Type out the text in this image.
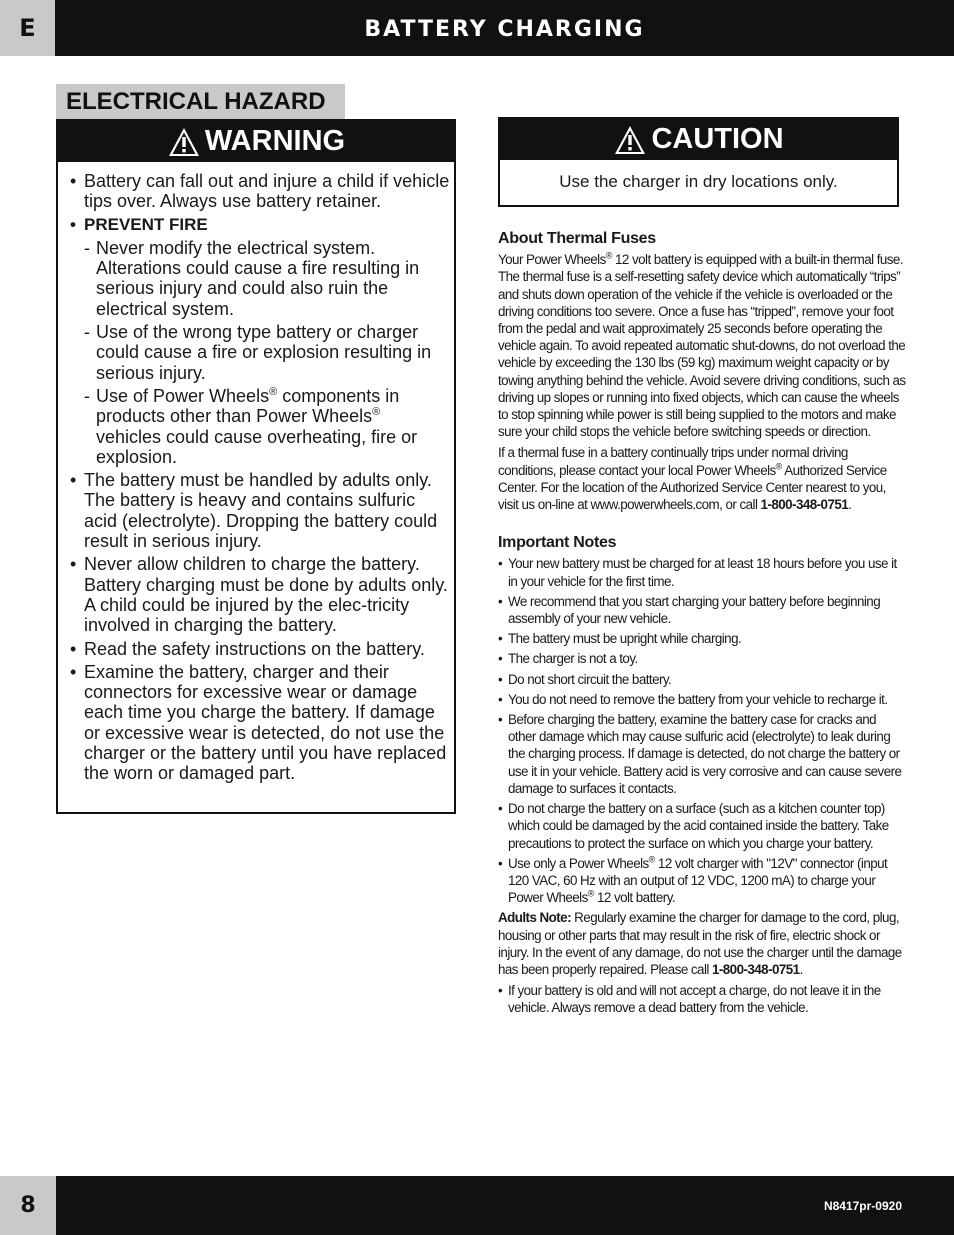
E	BATTERY CHARGING
ELECTRICAL HAZARD
WARNING
• Battery can fall out and injure a child if vehicle tips over. Always use battery retainer.
• PREVENT FIRE
- Never modify the electrical system. Alterations could cause a fire resulting in serious injury and could also ruin the electrical system.
- Use of the wrong type battery or charger could cause a fire or explosion resulting in serious injury.
- Use of Power Wheels® components in products other than Power Wheels® vehicles could cause overheating, fire or explosion.
• The battery must be handled by adults only. The battery is heavy and contains sulfuric acid (electrolyte). Dropping the battery could result in serious injury.
• Never allow children to charge the battery. Battery charging must be done by adults only. A child could be injured by the elec-tricity involved in charging the battery.
• Read the safety instructions on the battery.
• Examine the battery, charger and their connectors for excessive wear or damage each time you charge the battery. If damage or excessive wear is detected, do not use the charger or the battery until you have replaced the worn or damaged part.
CAUTION
Use the charger in dry locations only.
About Thermal Fuses

Your Power Wheels® 12 volt battery is equipped with a built-in thermal fuse. The thermal fuse is a self-resetting safety device which automatically “trips” and shuts down operation of the vehicle if the vehicle is overloaded or the driving conditions too severe. Once a fuse has “tripped”, remove your foot from the pedal and wait approximately 25 seconds before operating the vehicle again. To avoid repeated automatic shut-downs, do not overload the vehicle by exceeding the 130 lbs (59 kg) maximum weight capacity or by towing anything behind the vehicle. Avoid severe driving conditions, such as driving up slopes or running into fixed objects, which can cause the wheels to stop spinning while power is still being supplied to the motors and make sure your child stops the vehicle before switching speeds or direction.

If a thermal fuse in a battery continually trips under normal driving conditions, please contact your local Power Wheels® Authorized Service Center. For the location of the Authorized Service Center nearest to you, visit us on-line at www.powerwheels.com, or call 1-800-348-0751.

Important Notes
• Your new battery must be charged for at least 18 hours before you use it in your vehicle for the first time.
• We recommend that you start charging your battery before beginning assembly of your new vehicle.
• The battery must be upright while charging.
• The charger is not a toy.
• Do not short circuit the battery.
• You do not need to remove the battery from your vehicle to recharge it.
• Before charging the battery, examine the battery case for cracks and other damage which may cause sulfuric acid (electrolyte) to leak during the charging process. If damage is detected, do not charge the battery or use it in your vehicle. Battery acid is very corrosive and can cause severe damage to surfaces it contacts.
• Do not charge the battery on a surface (such as a kitchen counter top) which could be damaged by the acid contained inside the battery. Take precautions to protect the surface on which you charge your battery.
• Use only a Power Wheels® 12 volt charger with "12V" connector (input 120 VAC, 60 Hz with an output of 12 VDC, 1200 mA) to charge your Power Wheels® 12 volt battery.

Adults Note: Regularly examine the charger for damage to the cord, plug, housing or other parts that may result in the risk of fire, electric shock or injury. In the event of any damage, do not use the charger until the damage has been properly repaired. Please call 1-800-348-0751.

• If your battery is old and will not accept a charge, do not leave it in the vehicle. Always remove a dead battery from the vehicle.
8	N8417pr-0920
